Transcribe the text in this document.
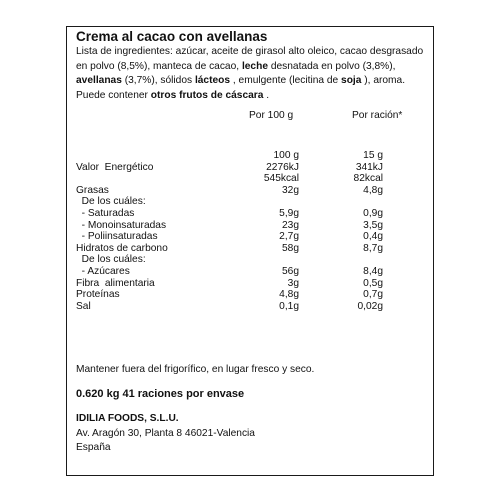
Crema al cacao con avellanas
Lista de ingredientes: azúcar, aceite de girasol alto oleico, cacao desgrasado en polvo (8,5%), manteca de cacao, leche desnatada en polvo (3,8%), avellanas (3,7%), sólidos lácteos , emulgente (lecitina de soja ), aroma. Puede contener otros frutos de cáscara .
Por 100 g	Por ración*
100 g	15 g
Valor  Energético	2276kJ	341kJ
545kcal	82kcal
Grasas	32g	4,8g
De los cuáles:
- Saturadas	5,9g	0,9g
- Monoinsaturadas	23g	3,5g
- Poliinsaturadas	2,7g	0,4g
Hidratos de carbono	58g	8,7g
De los cuáles:
- Azúcares	56g	8,4g
Fibra  alimentaria	3g	0,5g
Proteínas	4,8g	0,7g
Sal	0,1g	0,02g
Mantener fuera del frigorífico, en lugar fresco y seco.
0.620 kg 41 raciones por envase
IDILIA FOODS, S.L.U.
Av. Aragón 30, Planta 8 46021-Valencia
España
